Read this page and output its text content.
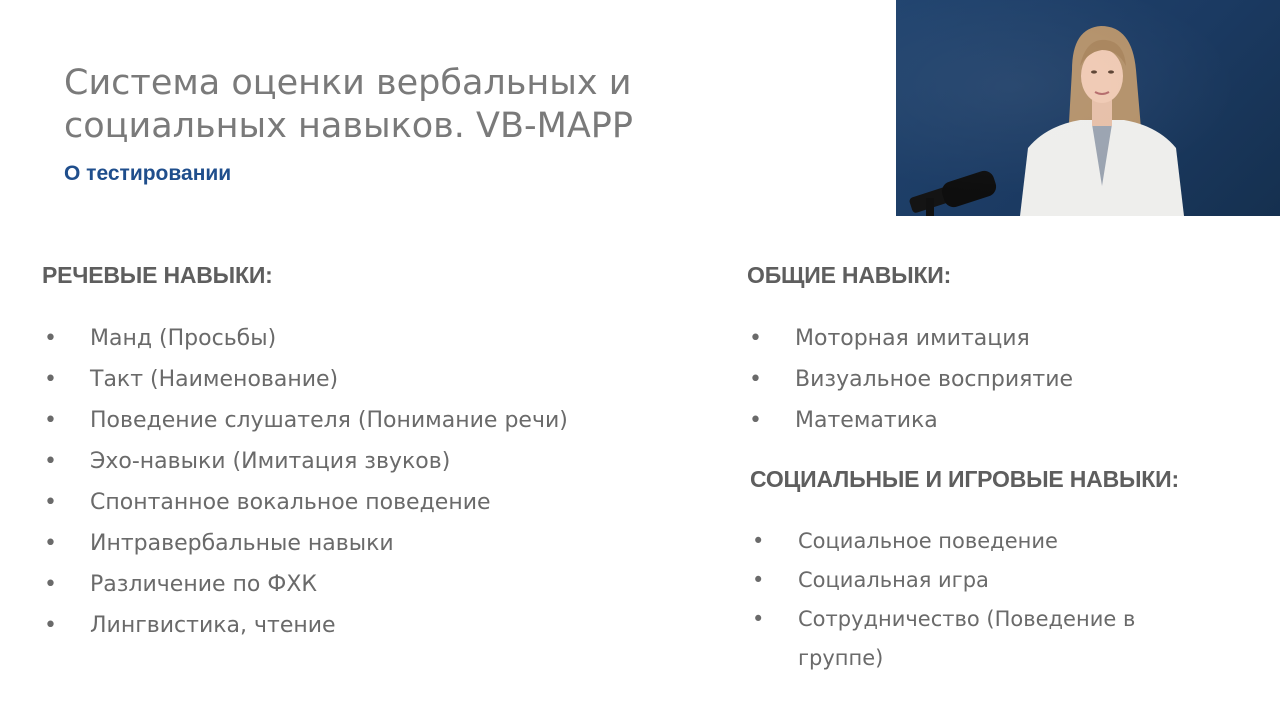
Система оценки вербальных и социальных навыков. VB-MAPP
О тестировании
РЕЧЕВЫЕ НАВЫКИ:
•	Манд (Просьбы)
•	Такт (Наименование)
•	Поведение слушателя (Понимание речи)
•	Эхо-навыки (Имитация звуков)
•	Спонтанное вокальное поведение
•	Интравербальные навыки
•	Различение по ФХК
•	Лингвистика, чтение
ОБЩИЕ НАВЫКИ:
•	Моторная имитация
•	Визуальное восприятие
•	Математика
СОЦИАЛЬНЫЕ И ИГРОВЫЕ НАВЫКИ:
•	Социальное поведение
•	Социальная игра
•	Сотрудничество (Поведение в группе)
